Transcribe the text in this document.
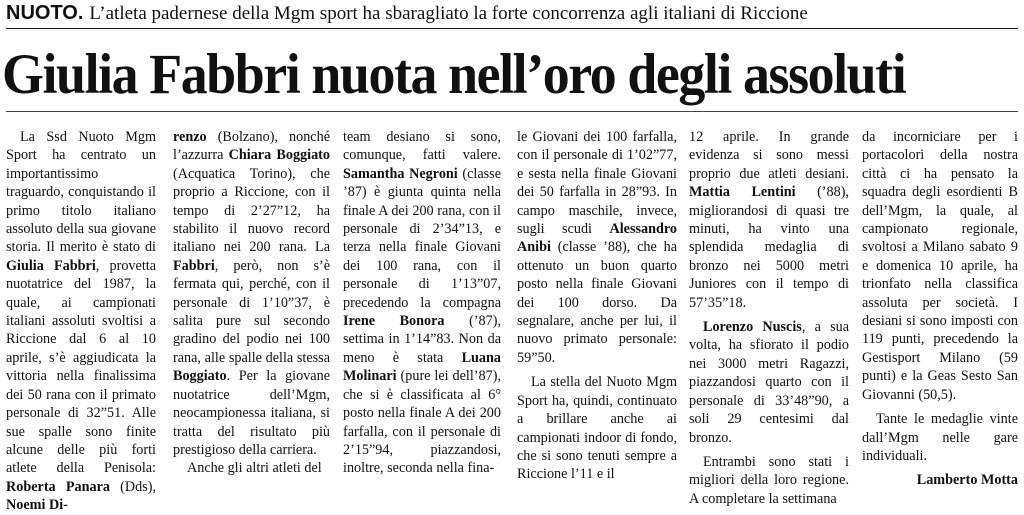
NUOTO. L’atleta padernese della Mgm sport ha sbaragliato la forte concorrenza agli italiani di Riccione
Giulia Fabbri nuota nell’oro degli assoluti

La Ssd Nuoto Mgm Sport ha centrato un importantissimo traguardo, conquistando il primo titolo italiano assoluto della sua giovane storia. Il merito è stato di Giulia Fabbri, provetta nuotatrice del 1987, la quale, ai campionati italiani assoluti svoltisi a Riccione dal 6 al 10 aprile, s’è aggiudicata la vittoria nella finalissima dei 50 rana con il primato personale di 32”51. Alle sue spalle sono finite alcune delle più forti atlete della Penisola: Roberta Panara (Dds), Noemi Di-

renzo (Bolzano), nonché l’azzurra Chiara Boggiato (Acquatica Torino), che proprio a Riccione, con il tempo di 2’27”12, ha stabilito il nuovo record italiano nei 200 rana. La Fabbri, però, non s’è fermata qui, perché, con il personale di 1’10”37, è salita pure sul secondo gradino del podio nei 100 rana, alle spalle della stessa Boggiato. Per la giovane nuotatrice dell’Mgm, neocampionessa italiana, si tratta del risultato più prestigioso della carriera.

Anche gli altri atleti del

team desiano si sono, comunque, fatti valere. Samantha Negroni (classe ’87) è giunta quinta nella finale A dei 200 rana, con il personale di 2’34”13, e terza nella finale Giovani dei 100 rana, con il personale di 1’13”07, precedendo la compagna Irene Bonora (’87), settima in 1’14”83. Non da meno è stata Luana Molinari (pure lei dell’87), che si è classificata al 6° posto nella finale A dei 200 farfalla, con il personale di 2’15”94, piazzandosi, inoltre, seconda nella fina-

le Giovani dei 100 farfalla, con il personale di 1’02”77, e sesta nella finale Giovani dei 50 farfalla in 28”93. In campo maschile, invece, sugli scudi Alessandro Anibi (classe ’88), che ha ottenuto un buon quarto posto nella finale Giovani dei 100 dorso. Da segnalare, anche per lui, il nuovo primato personale: 59”50.

La stella del Nuoto Mgm Sport ha, quindi, continuato a brillare anche ai campionati indoor di fondo, che si sono tenuti sempre a Riccione l’11 e il

12 aprile. In grande evidenza si sono messi proprio due atleti desiani. Mattia Lentini (’88), migliorandosi di quasi tre minuti, ha vinto una splendida medaglia di bronzo nei 5000 metri Juniores con il tempo di 57’35”18.

Lorenzo Nuscis, a sua volta, ha sfiorato il podio nei 3000 metri Ragazzi, piazzandosi quarto con il personale di 33’48”90, a soli 29 centesimi dal bronzo.

Entrambi sono stati i migliori della loro regione. A completare la settimana

da incorniciare per i portacolori della nostra città ci ha pensato la squadra degli esordienti B dell’Mgm, la quale, al campionato regionale, svoltosi a Milano sabato 9 e domenica 10 aprile, ha trionfato nella classifica assoluta per società. I desiani si sono imposti con 119 punti, precedendo la Gestisport Milano (59 punti) e la Geas Sesto San Giovanni (50,5).

Tante le medaglie vinte dall’Mgm nelle gare individuali.

Lamberto Motta
